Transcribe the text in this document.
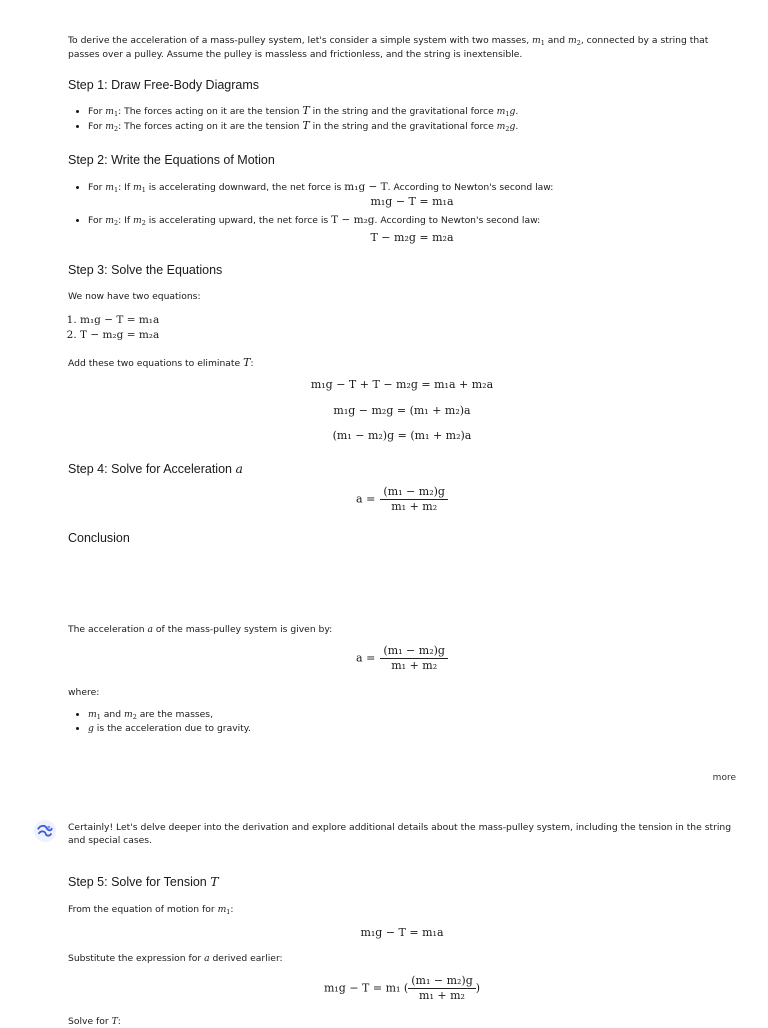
To derive the acceleration of a mass-pulley system, let's consider a simple system with two masses, $m_1$ and $m_2$, connected by a string that passes over a pulley. Assume the pulley is massless and frictionless, and the string is inextensible.

Step 1: Draw Free-Body Diagrams
• For $m_1$: The forces acting on it are the tension T in the string and the gravitational force $m_1g$.
• For $m_2$: The forces acting on it are the tension T in the string and the gravitational force $m_2g$.
Step 2: Write the Equations of Motion
• For $m_1$: If $m_1$ is accelerating downward, the net force is m₁g − T. According to Newton's second law:
m₁g − T = m₁a
• For $m_2$: If $m_2$ is accelerating upward, the net force is T − m₂g. According to Newton's second law:
T − m₂g = m₂a
Step 3: Solve the Equations

We now have two equations:

1. m₁g − T = m₁a
2. T − m₂g = m₂a

Add these two equations to eliminate T:

m₁g − T + T − m₂g = m₁a + m₂a
m₁g − m₂g = (m₁ + m₂)a
(m₁ − m₂)g = (m₁ + m₂)a
Step 4: Solve for Acceleration a
$a = \frac{\text{(m₁ − m₂)g}}{\text{m₁ + m₂}}$
Conclusion

The acceleration a of the mass-pulley system is given by:

$a = \frac{\text{(m₁ − m₂)g}}{\text{m₁ + m₂}}$

where:

• $m_1$ and $m_2$ are the masses,
• g is the acceleration due to gravity.

Certainly! Let's delve deeper into the derivation and explore additional details about the mass-pulley system, including the tension in the string and special cases.

Step 5: Solve for Tension T

From the equation of motion for $m_1$:

m₁g − T = m₁a

Substitute the expression for a derived earlier:

m₁g − T = m₁ ( $\frac{\text{(m₁ − m₂)g}}{\text{m₁ + m₂}}$ )

Solve for T:

more
